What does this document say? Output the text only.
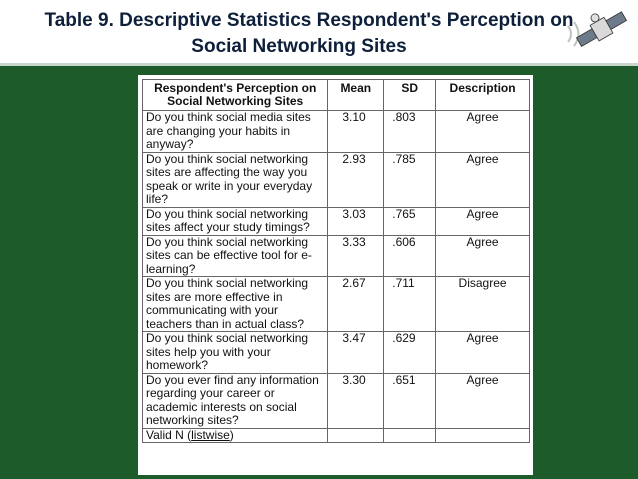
Table 9. Descriptive Statistics Respondent's Perception on
Social Networking Sites
Respondent's Perception on Social Networking Sites	Mean	SD	Description
Do you think social media sites are changing your habits in anyway?	3.10	.803	Agree
Do you think social networking sites are affecting the way you speak or write in your everyday life?	2.93	.785	Agree
Do you think social networking sites affect your study timings?	3.03	.765	Agree
Do you think social networking sites can be effective tool for e-learning?	3.33	.606	Agree
Do you think social networking sites are more effective in communicating with your teachers than in actual class?	2.67	.711	Disagree
Do you think social networking sites help you with your homework?	3.47	.629	Agree
Do you ever find any information regarding your career or academic interests on social networking sites?	3.30	.651	Agree
Valid N (listwise)			
